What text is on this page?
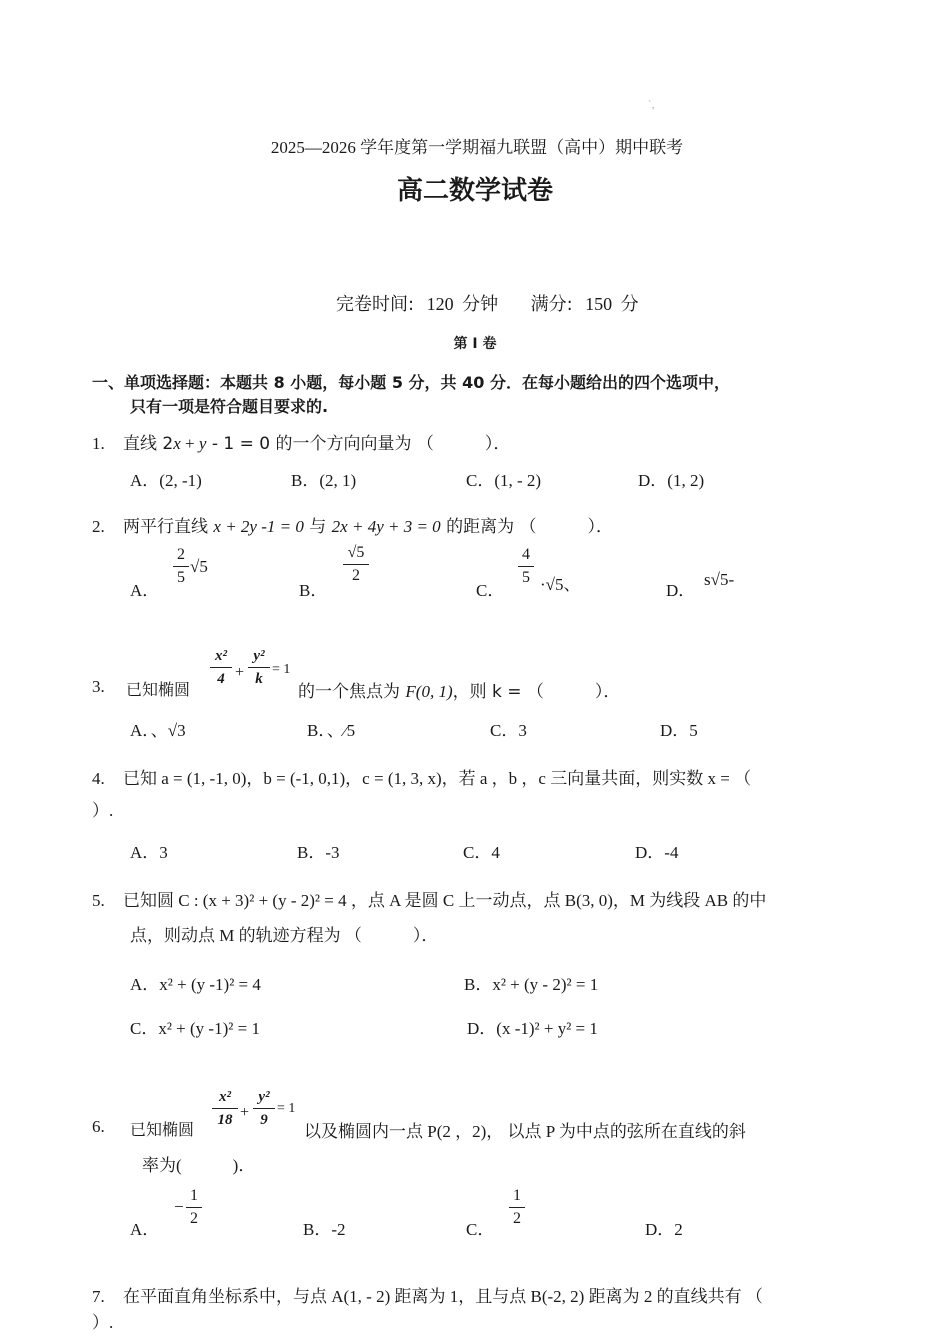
ˋ‚
2025—2026 学年度第一学期福九联盟（高中）期中联考
高二数学试卷
完卷时间: 120 分钟 满分: 150 分
第 Ⅰ 卷
一、单项选择题：本题共 8 小题，每小题 5 分，共 40 分．在每小题给出的四个选项中，
只有一项是符合题目要求的.
1. 直线 2x + y - 1 = 0 的一个方向向量为 （　　　）．
A．(2, -1)	B．(2, 1)	C．(1, - 2)	D．(1, 2)
2. 两平行直线 x + 2y -1 = 0 与 2x + 4y + 3 = 0 的距离为 （　　　）．
A．
2
5
√5
B．
√5
2
C．
4
5 ·√5、	D．
s√5-
3. 已知椭圆
x²
4 +
y²
k
= 1
的一个焦点为 F(0, 1)，则 k = （　　　）．
A．、√3	B．、⁄5	C．3	D．5
4. 已知 a = (1, -1, 0)，b = (-1, 0,1)，c = (1, 3, x)，若 a ，b ，c 三向量共面，则实数 x = （
）.
A．3	B．-3	C．4	D．-4
5. 已知圆 C : (x + 3)² + (y - 2)² = 4 ，点 A 是圆 C 上一动点，点 B(3, 0)，M 为线段 AB 的中
点，则动点 M 的轨迹方程为 （　　　）．
A．x² + (y -1)² = 4	B．x² + (y - 2)² = 1
C．x² + (y -1)² = 1	D．(x -1)² + y² = 1
6. 已知椭圆
x²
18 +
y²
9
= 1
以及椭圆内一点 P(2 ，2)， 以点 P 为中点的弦所在直线的斜
率为(　　　)．
A．
−
1
2
B．-2	C．
1
2
D．2
7. 在平面直角坐标系中，与点 A(1, - 2) 距离为 1，且与点 B(-2, 2) 距离为 2 的直线共有 （
）.
